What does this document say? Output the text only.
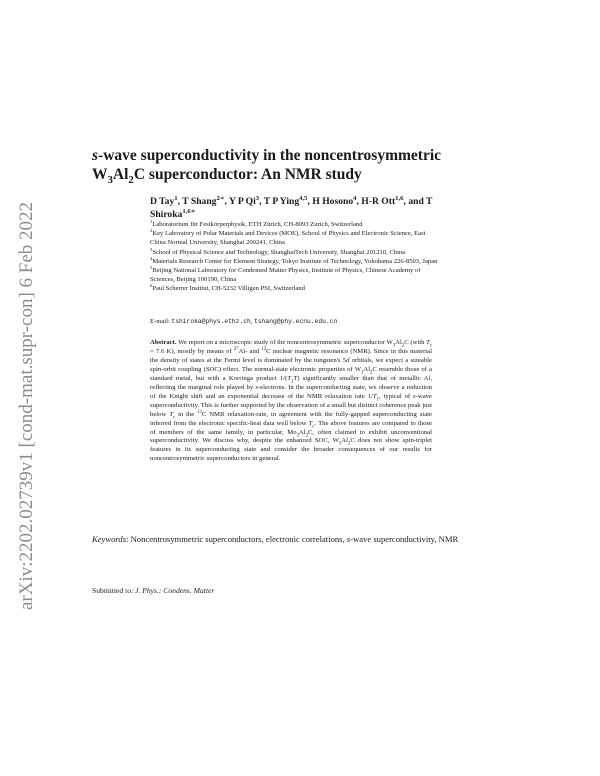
arXiv:2202.02739v1 [cond-mat.supr-con] 6 Feb 2022
s-wave superconductivity in the noncentrosymmetric
$W_3Al_2C$ superconductor: An NMR study
D Tay$^1$, T Shang$^{2∗}$, Y P Qi$^3$, T P Ying$^{4,5}$, H Hosono$^4$, H-R Ott$^{1,6}$, and T Shiroka$^{1,6∗}$
$^1$Laboratorium für Festkörperphysik, ETH Zürich, CH-8093 Zurich, Switzerland
$^2$Key Laboratory of Polar Materials and Devices (MOE), School of Physics and Electronic Science, East China Normal University, Shanghai 200241, China
$^3$School of Physical Science and Technology, ShanghaiTech University, Shanghai 201210, China
$^4$Materials Research Center for Element Strategy, Tokyo Institute of Technology, Yokohama 226-8503, Japan
$^5$Beijing National Laboratory for Condensed Matter Physics, Institute of Physics, Chinese Academy of Sciences, Beijing 100190, China
$^6$Paul Scherrer Institut, CH-5232 Villigen PSI, Switzerland
E-mail: tshiroka@phys.ethz.ch, tshang@phy.ecnu.edu.cn

Abstract. We report on a microscopic study of the noncentrosymmetric superconductor $W_3Al_2C$ (with $T_c = 7.6$ K), mostly by means of $^{27}$Al- and $^{13}$C nuclear magnetic resonance (NMR). Since in this material the density of states at the Fermi level is dominated by the tungsten's 5d orbitals, we expect a sizeable spin-orbit coupling (SOC) effect. The normal-state electronic properties of $W_3Al_2C$ resemble those of a standard metal, but with a Korringa product $1/(T_1T)$ significantly smaller than that of metallic Al, reflecting the marginal role played by s-electrons. In the superconducting state, we observe a reduction of the Knight shift and an exponential decrease of the NMR relaxation rate $1/T_1$, typical of s-wave superconductivity. This is further supported by the observation of a small but distinct coherence peak just below $T_c$ in the $^{13}$C NMR relaxation-rate, in agreement with the fully-gapped superconducting state inferred from the electronic specific-heat data well below $T_c$. The above features are compared to those of members of the same family, in particular, $Mo_3Al_2C$, often claimed to exhibit unconventional superconductivity. We discuss why, despite the enhanced SOC, $W_3Al_2C$ does not show spin-triplet features in its superconducting state and consider the broader consequences of our results for noncentrosymmetric superconductors in general.

Keywords: Noncentrosymmetric superconductors, electronic correlations, s-wave superconductivity, NMR
Submitted to: J. Phys.: Condens. Matter
